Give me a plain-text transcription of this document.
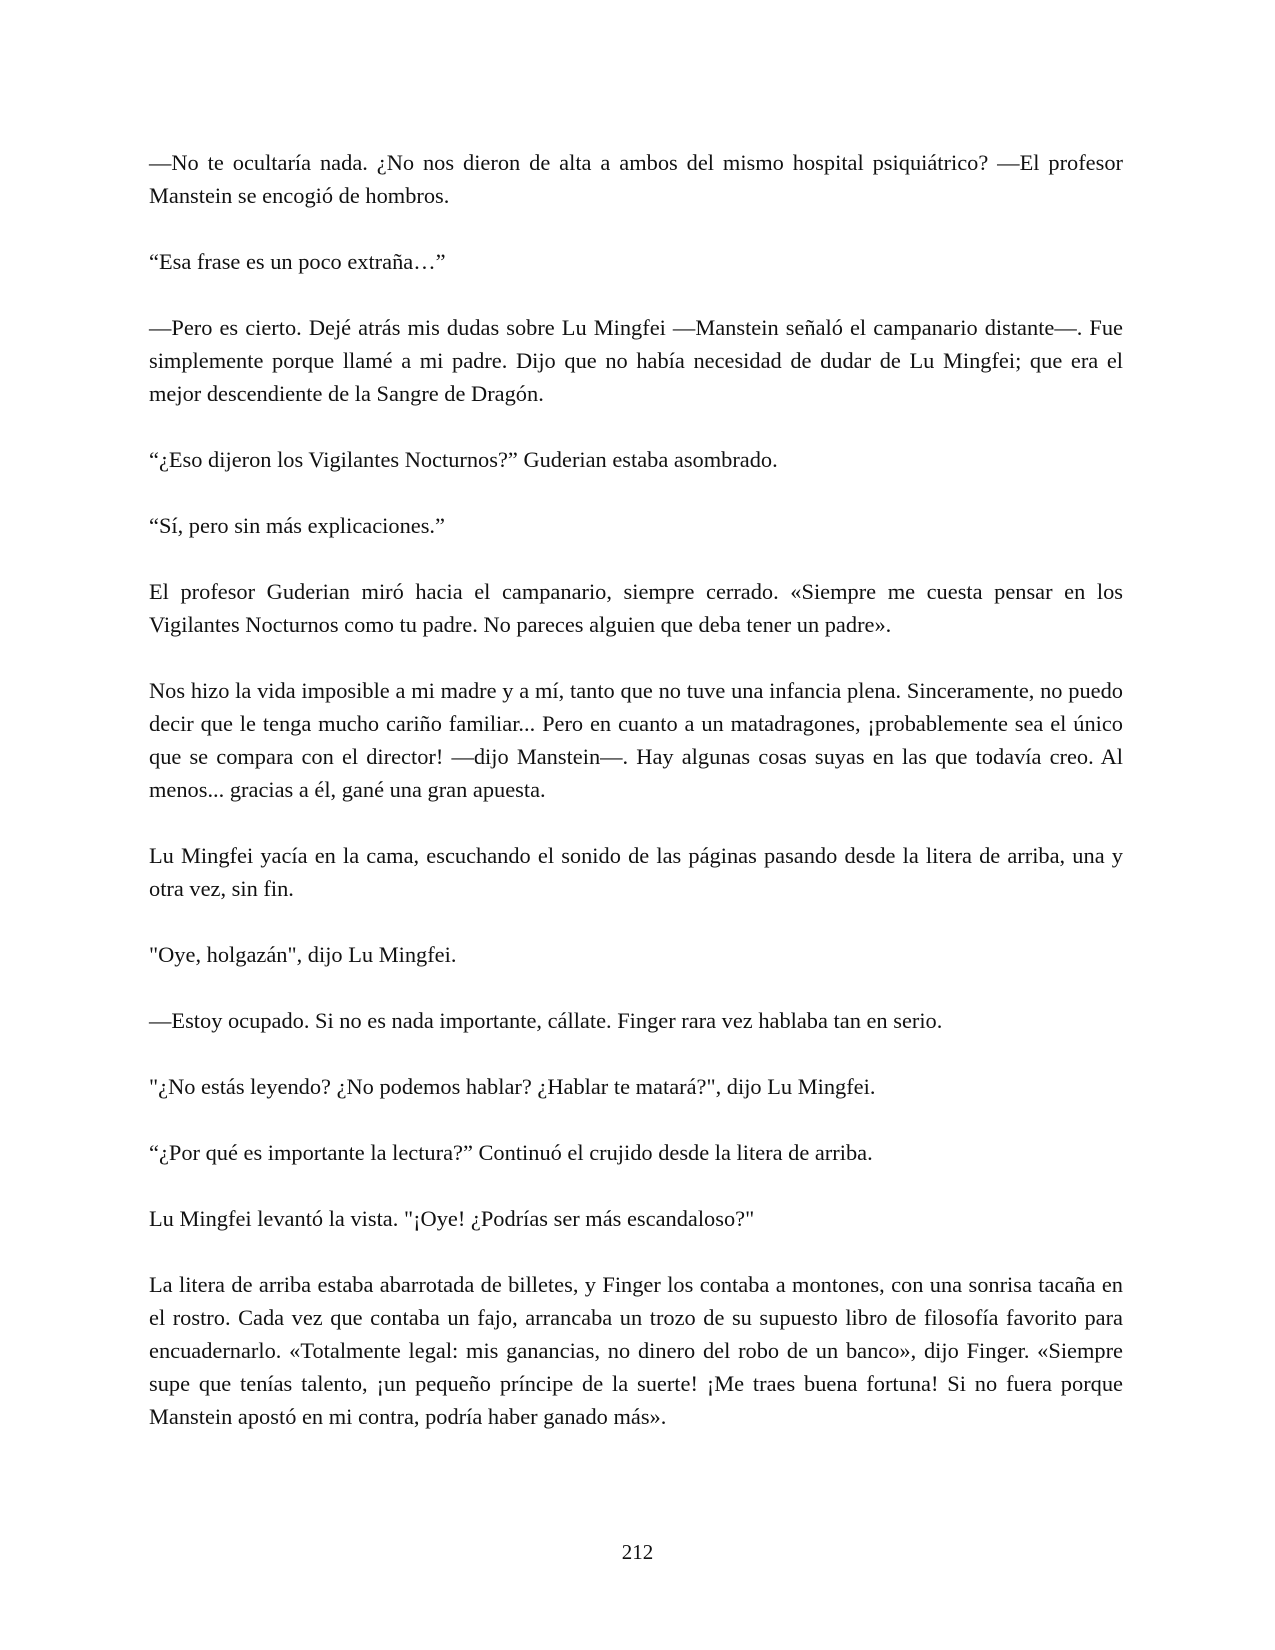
—No te ocultaría nada. ¿No nos dieron de alta a ambos del mismo hospital psiquiátrico? —El profesor Manstein se encogió de hombros.

“Esa frase es un poco extraña…”

—Pero es cierto. Dejé atrás mis dudas sobre Lu Mingfei —Manstein señaló el campanario distante—. Fue simplemente porque llamé a mi padre. Dijo que no había necesidad de dudar de Lu Mingfei; que era el mejor descendiente de la Sangre de Dragón.

“¿Eso dijeron los Vigilantes Nocturnos?” Guderian estaba asombrado.

“Sí, pero sin más explicaciones.”

El profesor Guderian miró hacia el campanario, siempre cerrado. «Siempre me cuesta pensar en los Vigilantes Nocturnos como tu padre. No pareces alguien que deba tener un padre».

Nos hizo la vida imposible a mi madre y a mí, tanto que no tuve una infancia plena. Sinceramente, no puedo decir que le tenga mucho cariño familiar... Pero en cuanto a un matadragones, ¡probablemente sea el único que se compara con el director! —dijo Manstein—. Hay algunas cosas suyas en las que todavía creo. Al menos... gracias a él, gané una gran apuesta.

Lu Mingfei yacía en la cama, escuchando el sonido de las páginas pasando desde la litera de arriba, una y otra vez, sin fin.

"Oye, holgazán", dijo Lu Mingfei.

—Estoy ocupado. Si no es nada importante, cállate. Finger rara vez hablaba tan en serio.

"¿No estás leyendo? ¿No podemos hablar? ¿Hablar te matará?", dijo Lu Mingfei.

“¿Por qué es importante la lectura?” Continuó el crujido desde la litera de arriba.

Lu Mingfei levantó la vista. "¡Oye! ¿Podrías ser más escandaloso?"

La litera de arriba estaba abarrotada de billetes, y Finger los contaba a montones, con una sonrisa tacaña en el rostro. Cada vez que contaba un fajo, arrancaba un trozo de su supuesto libro de filosofía favorito para encuadernarlo. «Totalmente legal: mis ganancias, no dinero del robo de un banco», dijo Finger. «Siempre supe que tenías talento, ¡un pequeño príncipe de la suerte! ¡Me traes buena fortuna! Si no fuera porque Manstein apostó en mi contra, podría haber ganado más».

212
